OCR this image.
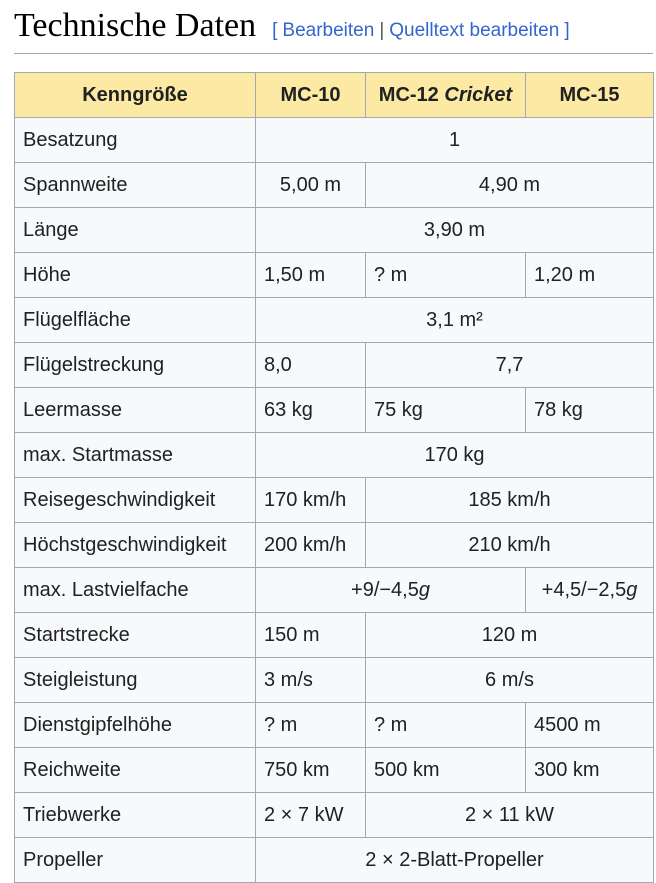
Technische Daten [ Bearbeiten | Quelltext bearbeiten ]
Kenngröße	MC-10	MC-12 Cricket	MC-15
Besatzung	1		
Spannweite	5,00 m	4,90 m	
Länge	3,90 m		
Höhe	1,50 m	? m	1,20 m
Flügelfläche	3,1 m²		
Flügelstreckung	8,0	7,7	
Leermasse	63 kg	75 kg	78 kg
max. Startmasse	170 kg		
Reisegeschwindigkeit	170 km/h	185 km/h	
Höchstgeschwindigkeit	200 km/h	210 km/h	
max. Lastvielfache	+9/−4,5g		+4,5/−2,5g
Startstrecke	150 m	120 m	
Steigleistung	3 m/s	6 m/s	
Dienstgipfelhöhe	? m	? m	4500 m
Reichweite	750 km	500 km	300 km
Triebwerke	2 × 7 kW	2 × 11 kW	
Propeller	2 × 2-Blatt-Propeller		
